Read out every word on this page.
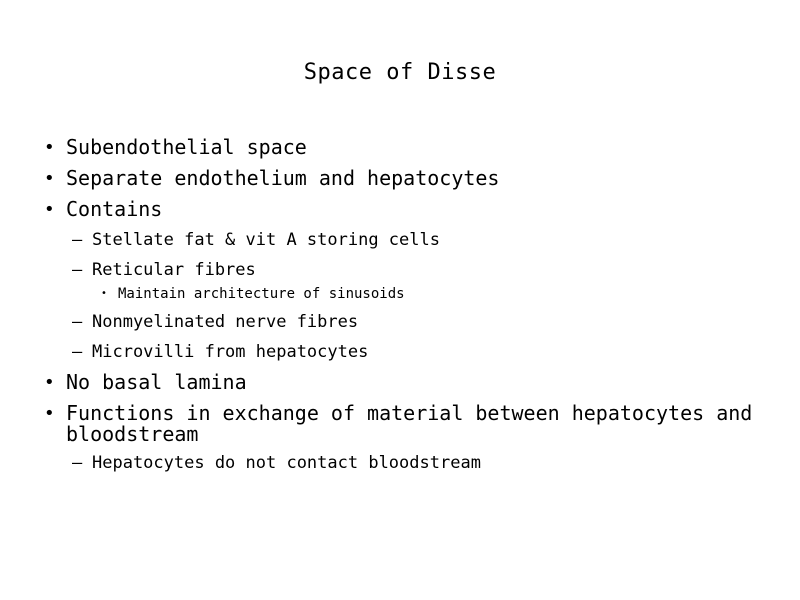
Space of Disse
• Subendothelial space
• Separate endothelium and hepatocytes
• Contains
– Stellate fat & vit A storing cells
– Reticular fibres
• Maintain architecture of sinusoids
– Nonmyelinated nerve fibres
– Microvilli from hepatocytes
• No basal lamina
• Functions in exchange of material between hepatocytes and bloodstream
– Hepatocytes do not contact bloodstream
